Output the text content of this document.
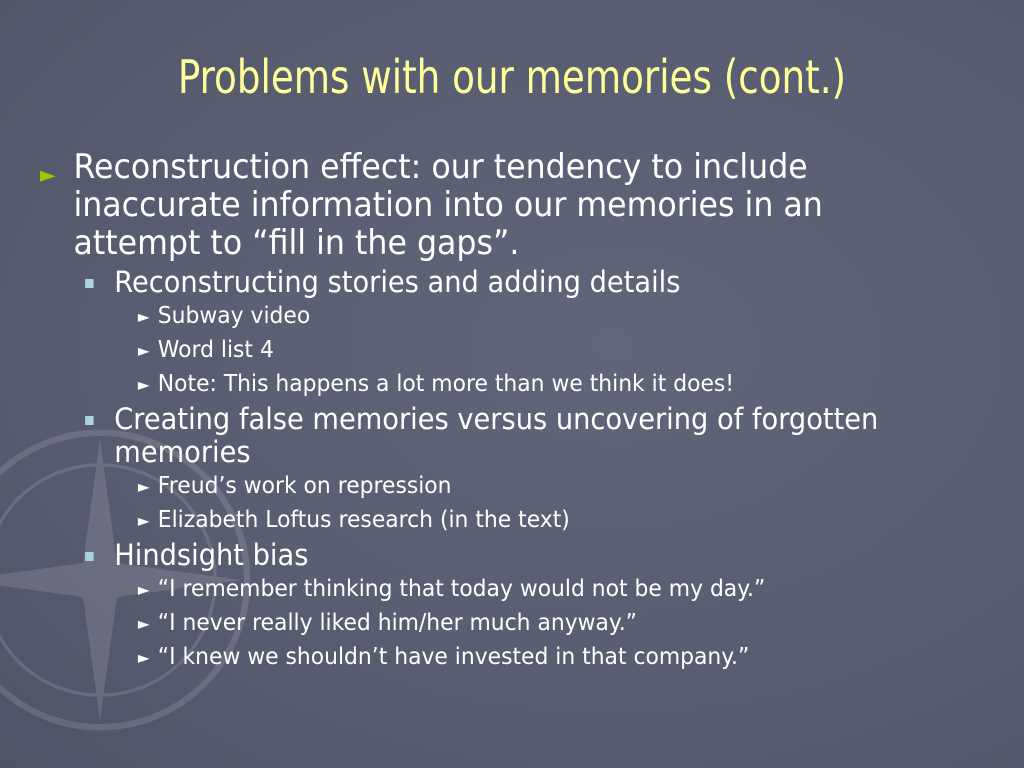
Problems with our memories (cont.)
► Reconstruction effect: our tendency to include inaccurate information into our memories in an attempt to “fill in the gaps”.
Reconstructing stories and adding details
► Subway video
► Word list 4
► Note: This happens a lot more than we think it does!
Creating false memories versus uncovering of forgotten memories
► Freud’s work on repression
► Elizabeth Loftus research (in the text)
Hindsight bias
► “I remember thinking that today would not be my day.”
► “I never really liked him/her much anyway.”
► “I knew we shouldn’t have invested in that company.”
